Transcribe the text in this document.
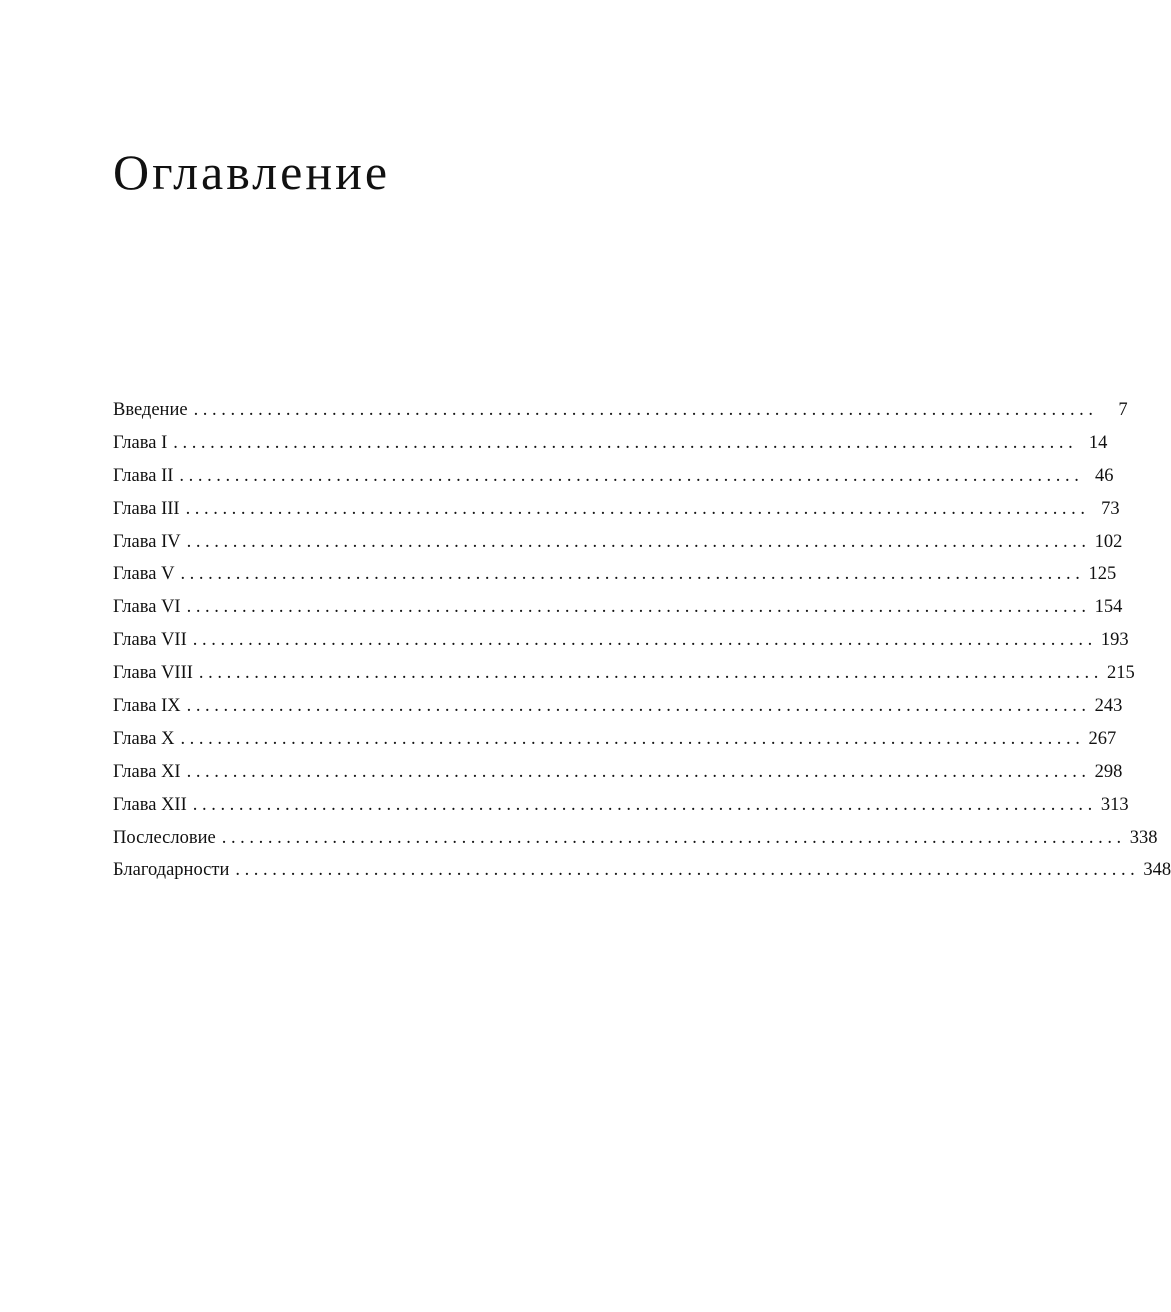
Оглавление
Введение ..................................................................................................	7
Глава I .................................................................................................. 14
Глава II .................................................................................................. 46
Глава III .................................................................................................. 73
Глава IV .................................................................................................. 102
Глава V .................................................................................................. 125
Глава VI .................................................................................................. 154
Глава VII .................................................................................................. 193
Глава VIII .................................................................................................. 215
Глава IX .................................................................................................. 243
Глава X .................................................................................................. 267
Глава XI .................................................................................................. 298
Глава XII .................................................................................................. 313
Послесловие .................................................................................................. 338
Благодарности .................................................................................................. 348
